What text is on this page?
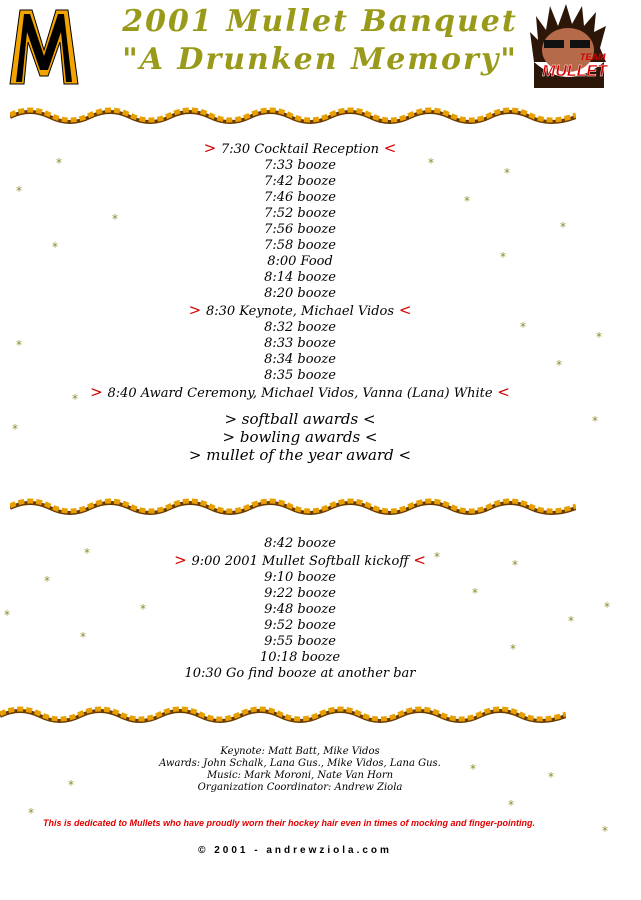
TEAM
MULLET
2001 Mullet Banquet
"A Drunken Memory"
> 7:30 Cocktail Reception <
7:33 booze
7:42 booze
7:46 booze
7:52 booze
7:56 booze
7:58 booze
8:00 Food
8:14 booze
8:20 booze
> 8:30 Keynote, Michael Vidos <
8:32 booze
8:33 booze
8:34 booze
8:35 booze
> 8:40 Award Ceremony, Michael Vidos, Vanna (Lana) White <
> softball awards <
> bowling awards <
> mullet of the year award <
8:42 booze
> 9:00 2001 Mullet Softball kickoff <
9:10 booze
9:22 booze
9:48 booze
9:52 booze
9:55 booze
10:18 booze
10:30 Go find booze at another bar
Keynote: Matt Batt, Mike Vidos
Awards: John Schalk, Lana Gus., Mike Vidos, Lana Gus.
Music: Mark Moroni, Nate Van Horn
Organization Coordinator: Andrew Ziola
This is dedicated to Mullets who have proudly worn their hockey hair even in times of mocking and finger-pointing.
© 2001 - andrewziola.com
*
*
*
*
*
*
*
*
*
*
*
*
*
*
*
*
*
*
*
*
*
*
*
*
*
*
*
*
*
*
*
*
*
